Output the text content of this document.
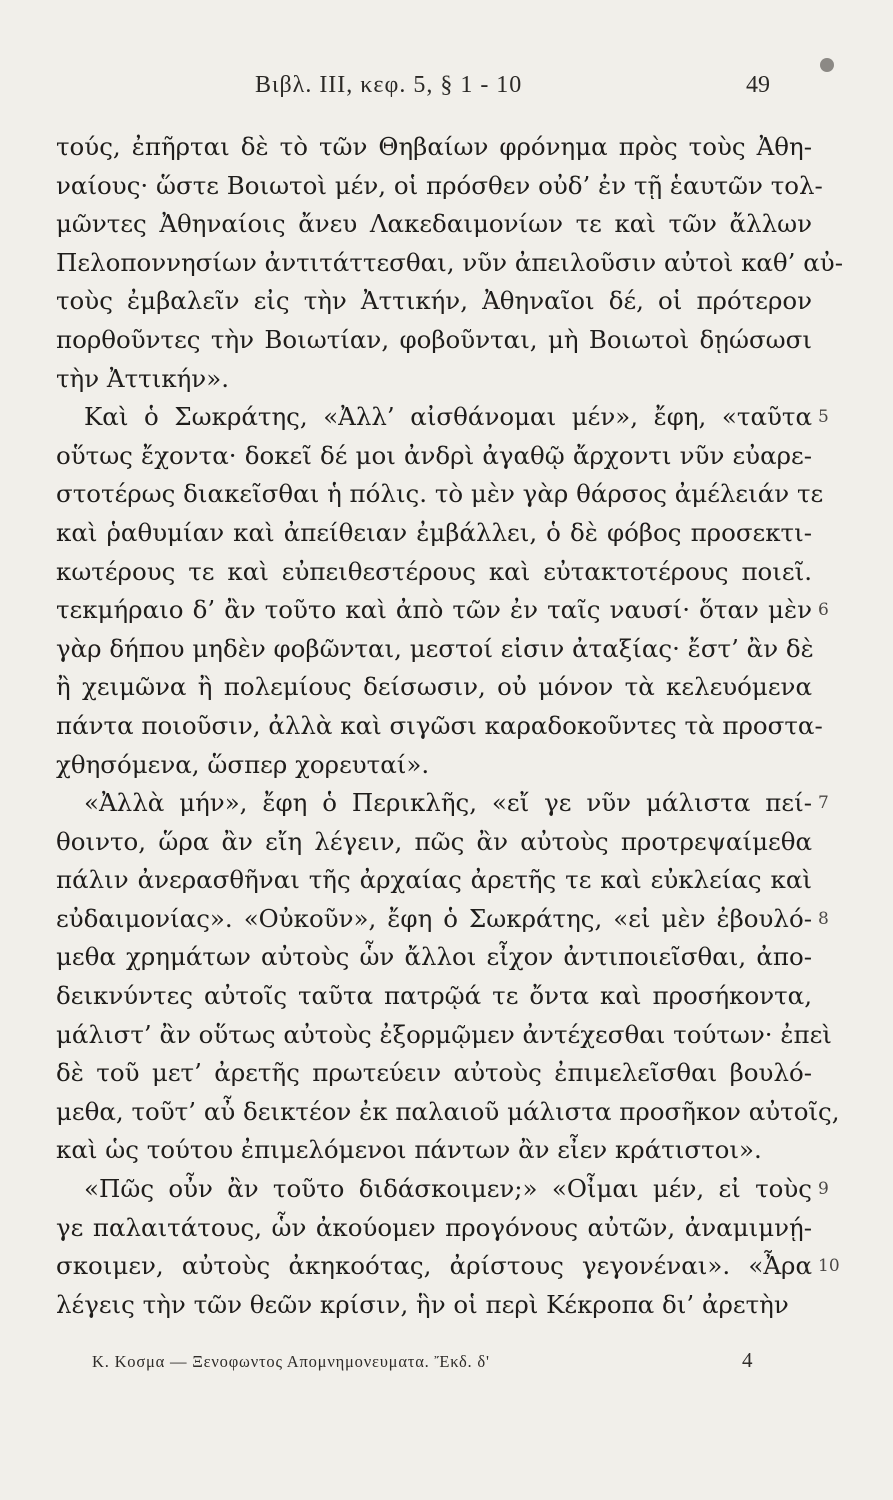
Βιβλ. ΙΙΙ, κεφ. 5, § 1 - 10	49
τούς, ἐπῆρται δὲ τὸ τῶν Θηβαίων φρόνημα πρὸς τοὺς Ἀθη-
ναίους· ὥστε Βοιωτοὶ μέν, οἱ πρόσθεν οὐδ’ ἐν τῇ ἑαυτῶν τολ-
μῶντες Ἀθηναίοις ἄνευ Λακεδαιμονίων τε καὶ τῶν ἄλλων
Πελοποννησίων ἀντιτάττεσθαι, νῦν ἀπειλοῦσιν αὐτοὶ καθ’ αὐ-
τοὺς ἐμβαλεῖν εἰς τὴν Ἀττικήν, Ἀθηναῖοι δέ, οἱ πρότερον
πορθοῦντες τὴν Βοιωτίαν, φοβοῦνται, μὴ Βοιωτοὶ δῃώσωσι
τὴν Ἀττικήν».
Καὶ ὁ Σωκράτης, «Ἀλλ’ αἰσθάνομαι μέν», ἔφη, «ταῦτα 5
οὕτως ἔχοντα· δοκεῖ δέ μοι ἀνδρὶ ἀγαθῷ ἄρχοντι νῦν εὐαρε-
στοτέρως διακεῖσθαι ἡ πόλις. τὸ μὲν γὰρ θάρσος ἀμέλειάν τε
καὶ ῥαθυμίαν καὶ ἀπείθειαν ἐμβάλλει, ὁ δὲ φόβος προσεκτι-
κωτέρους τε καὶ εὐπειθεστέρους καὶ εὐτακτοτέρους ποιεῖ.
τεκμήραιο δ’ ἂν τοῦτο καὶ ἀπὸ τῶν ἐν ταῖς ναυσί· ὅταν μὲν 6
γὰρ δήπου μηδὲν φοβῶνται, μεστοί εἰσιν ἀταξίας· ἔστ’ ἂν δὲ
ἢ χειμῶνα ἢ πολεμίους δείσωσιν, οὐ μόνον τὰ κελευόμενα
πάντα ποιοῦσιν, ἀλλὰ καὶ σιγῶσι καραδοκοῦντες τὰ προστα-
χθησόμενα, ὥσπερ χορευταί».
«Ἀλλὰ μήν», ἔφη ὁ Περικλῆς, «εἴ γε νῦν μάλιστα πεί- 7
θοιντο, ὥρα ἂν εἴη λέγειν, πῶς ἂν αὐτοὺς προτρεψαίμεθα
πάλιν ἀνερασθῆναι τῆς ἀρχαίας ἀρετῆς τε καὶ εὐκλείας καὶ
εὐδαιμονίας». «Οὐκοῦν», ἔφη ὁ Σωκράτης, «εἰ μὲν ἐβουλό- 8
μεθα χρημάτων αὐτοὺς ὧν ἄλλοι εἶχον ἀντιποιεῖσθαι, ἀπο-
δεικνύντες αὐτοῖς ταῦτα πατρῷά τε ὄντα καὶ προσήκοντα,
μάλιστ’ ἂν οὕτως αὐτοὺς ἐξορμῷμεν ἀντέχεσθαι τούτων· ἐπεὶ
δὲ τοῦ μετ’ ἀρετῆς πρωτεύειν αὐτοὺς ἐπιμελεῖσθαι βουλό-
μεθα, τοῦτ’ αὖ δεικτέον ἐκ παλαιοῦ μάλιστα προσῆκον αὐτοῖς,
καὶ ὡς τούτου ἐπιμελόμενοι πάντων ἂν εἶεν κράτιστοι».
«Πῶς οὖν ἂν τοῦτο διδάσκοιμεν;» «Οἶμαι μέν, εἰ τοὺς 9
γε παλαιτάτους, ὧν ἀκούομεν προγόνους αὐτῶν, ἀναμιμνῄ-
σκοιμεν, αὐτοὺς ἀκηκοότας, ἀρίστους γεγονέναι». «Ἆρα 10
λέγεις τὴν τῶν θεῶν κρίσιν, ἣν οἱ περὶ Κέκροπα δι’ ἀρετὴν
Κ. Κοσμα — Ξενοφωντος Απομνημονευματα. Ἔκδ. δ'	4
